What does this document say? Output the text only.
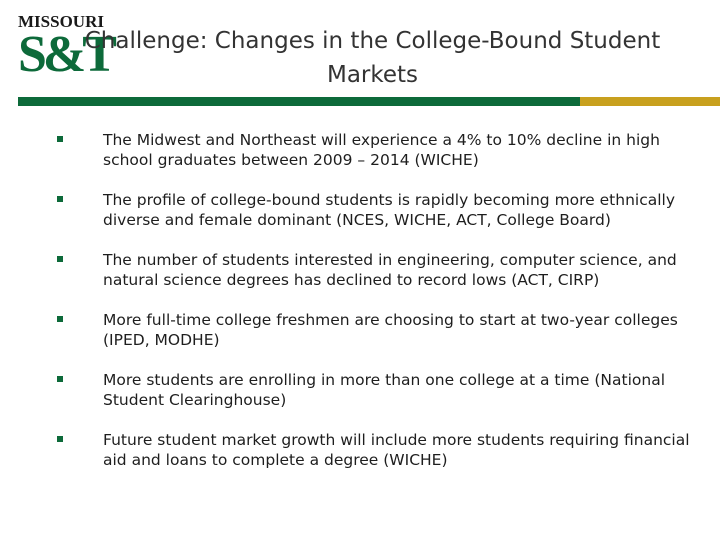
MISSOURI
S&T
Challenge: Changes in the College-Bound Student Markets
The Midwest and Northeast will experience a 4% to 10% decline in high school graduates between 2009 – 2014 (WICHE)
The profile of college-bound students is rapidly becoming more ethnically diverse and female dominant (NCES, WICHE, ACT, College Board)
The number of students interested in engineering, computer science, and natural science degrees has declined to record lows (ACT, CIRP)
More full-time college freshmen are choosing to start at two-year colleges (IPED, MODHE)
More students are enrolling in more than one college at a time (National Student Clearinghouse)
Future student market growth will include more students requiring financial aid and loans to complete a degree (WICHE)
